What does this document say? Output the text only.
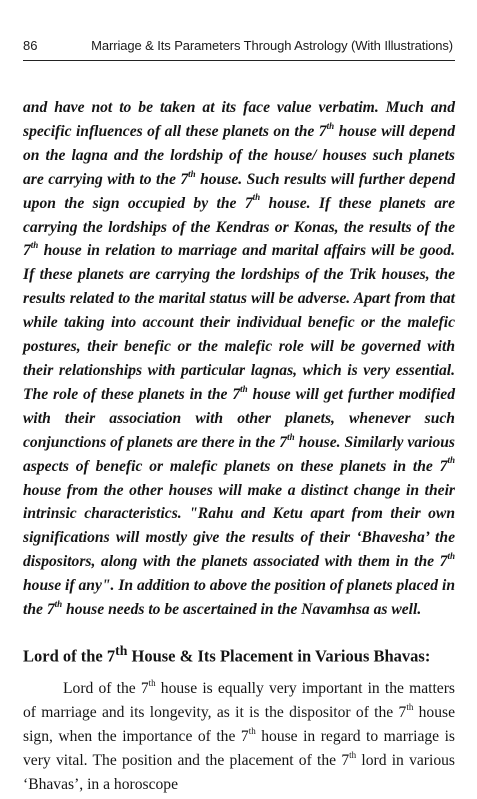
86	Marriage & Its Parameters Through Astrology (With Illustrations)

and have not to be taken at its face value verbatim. Much and specific influences of all these planets on the 7th house will depend on the lagna and the lordship of the house/ houses such planets are carrying with to the 7th house. Such results will further depend upon the sign occupied by the 7th house. If these planets are carrying the lordships of the Kendras or Konas, the results of the 7th house in relation to marriage and marital affairs will be good. If these planets are carrying the lordships of the Trik houses, the results related to the marital status will be adverse. Apart from that while taking into account their individual benefic or the malefic postures, their benefic or the malefic role will be governed with their relationships with particular lagnas, which is very essential. The role of these planets in the 7th house will get further modified with their association with other planets, whenever such conjunctions of planets are there in the 7th house. Similarly various aspects of benefic or malefic planets on these planets in the 7th house from the other houses will make a distinct change in their intrinsic characteristics. "Rahu and Ketu apart from their own significations will mostly give the results of their ‘Bhavesha’ the dispositors, along with the planets associated with them in the 7th house if any". In addition to above the position of planets placed in the 7th house needs to be ascertained in the Navamhsa as well.

Lord of the 7th House & Its Placement in Various Bhavas:

Lord of the 7th house is equally very important in the matters of marriage and its longevity, as it is the dispositor of the 7th house sign, when the importance of the 7th house in regard to marriage is very vital. The position and the placement of the 7th lord in various ‘Bhavas’, in a horoscope
